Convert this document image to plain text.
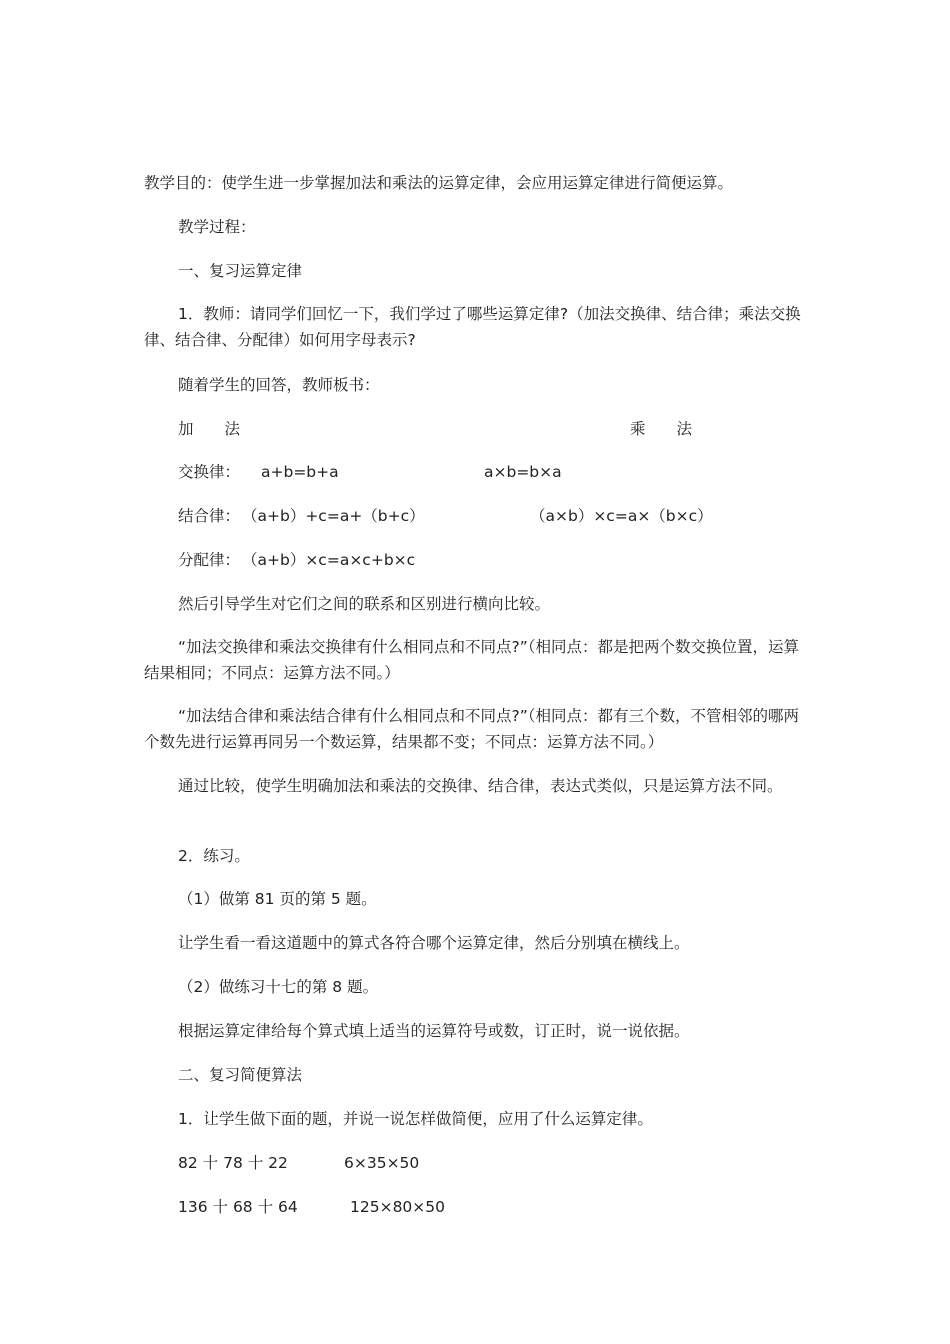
教学目的：使学生进一步掌握加法和乘法的运算定律，会应用运算定律进行简便运算。
教学过程：
一、复习运算定律
1．教师：请同学们回忆一下，我们学过了哪些运算定律?（加法交换律、结合律；乘法交换律、结合律、分配律）如何用字母表示?
随着学生的回答，教师板书：
加　　法	乘　　法
交换律： a+b=b+a	a×b=b×a
结合律： （a+b）+c=a+（b+c）	（a×b）×c=a×（b×c）
分配律： （a+b）×c=a×c+b×c
然后引导学生对它们之间的联系和区别进行横向比较。
“加法交换律和乘法交换律有什么相同点和不同点?”（相同点：都是把两个数交换位置，运算结果相同；不同点：运算方法不同。）
“加法结合律和乘法结合律有什么相同点和不同点?”（相同点：都有三个数，不管相邻的哪两个数先进行运算再同另一个数运算，结果都不变；不同点：运算方法不同。）
通过比较，使学生明确加法和乘法的交换律、结合律，表达式类似，只是运算方法不同。
2．练习。
（1）做第 81 页的第 5 题。
让学生看一看这道题中的算式各符合哪个运算定律，然后分别填在横线上。
（2）做练习十七的第 8 题。
根据运算定律给每个算式填上适当的运算符号或数，订正时，说一说依据。
二、复习简便算法
1．让学生做下面的题，并说一说怎样做简便，应用了什么运算定律。
82 十 78 十 22	6×35×50
136 十 68 十 64	125×80×50
